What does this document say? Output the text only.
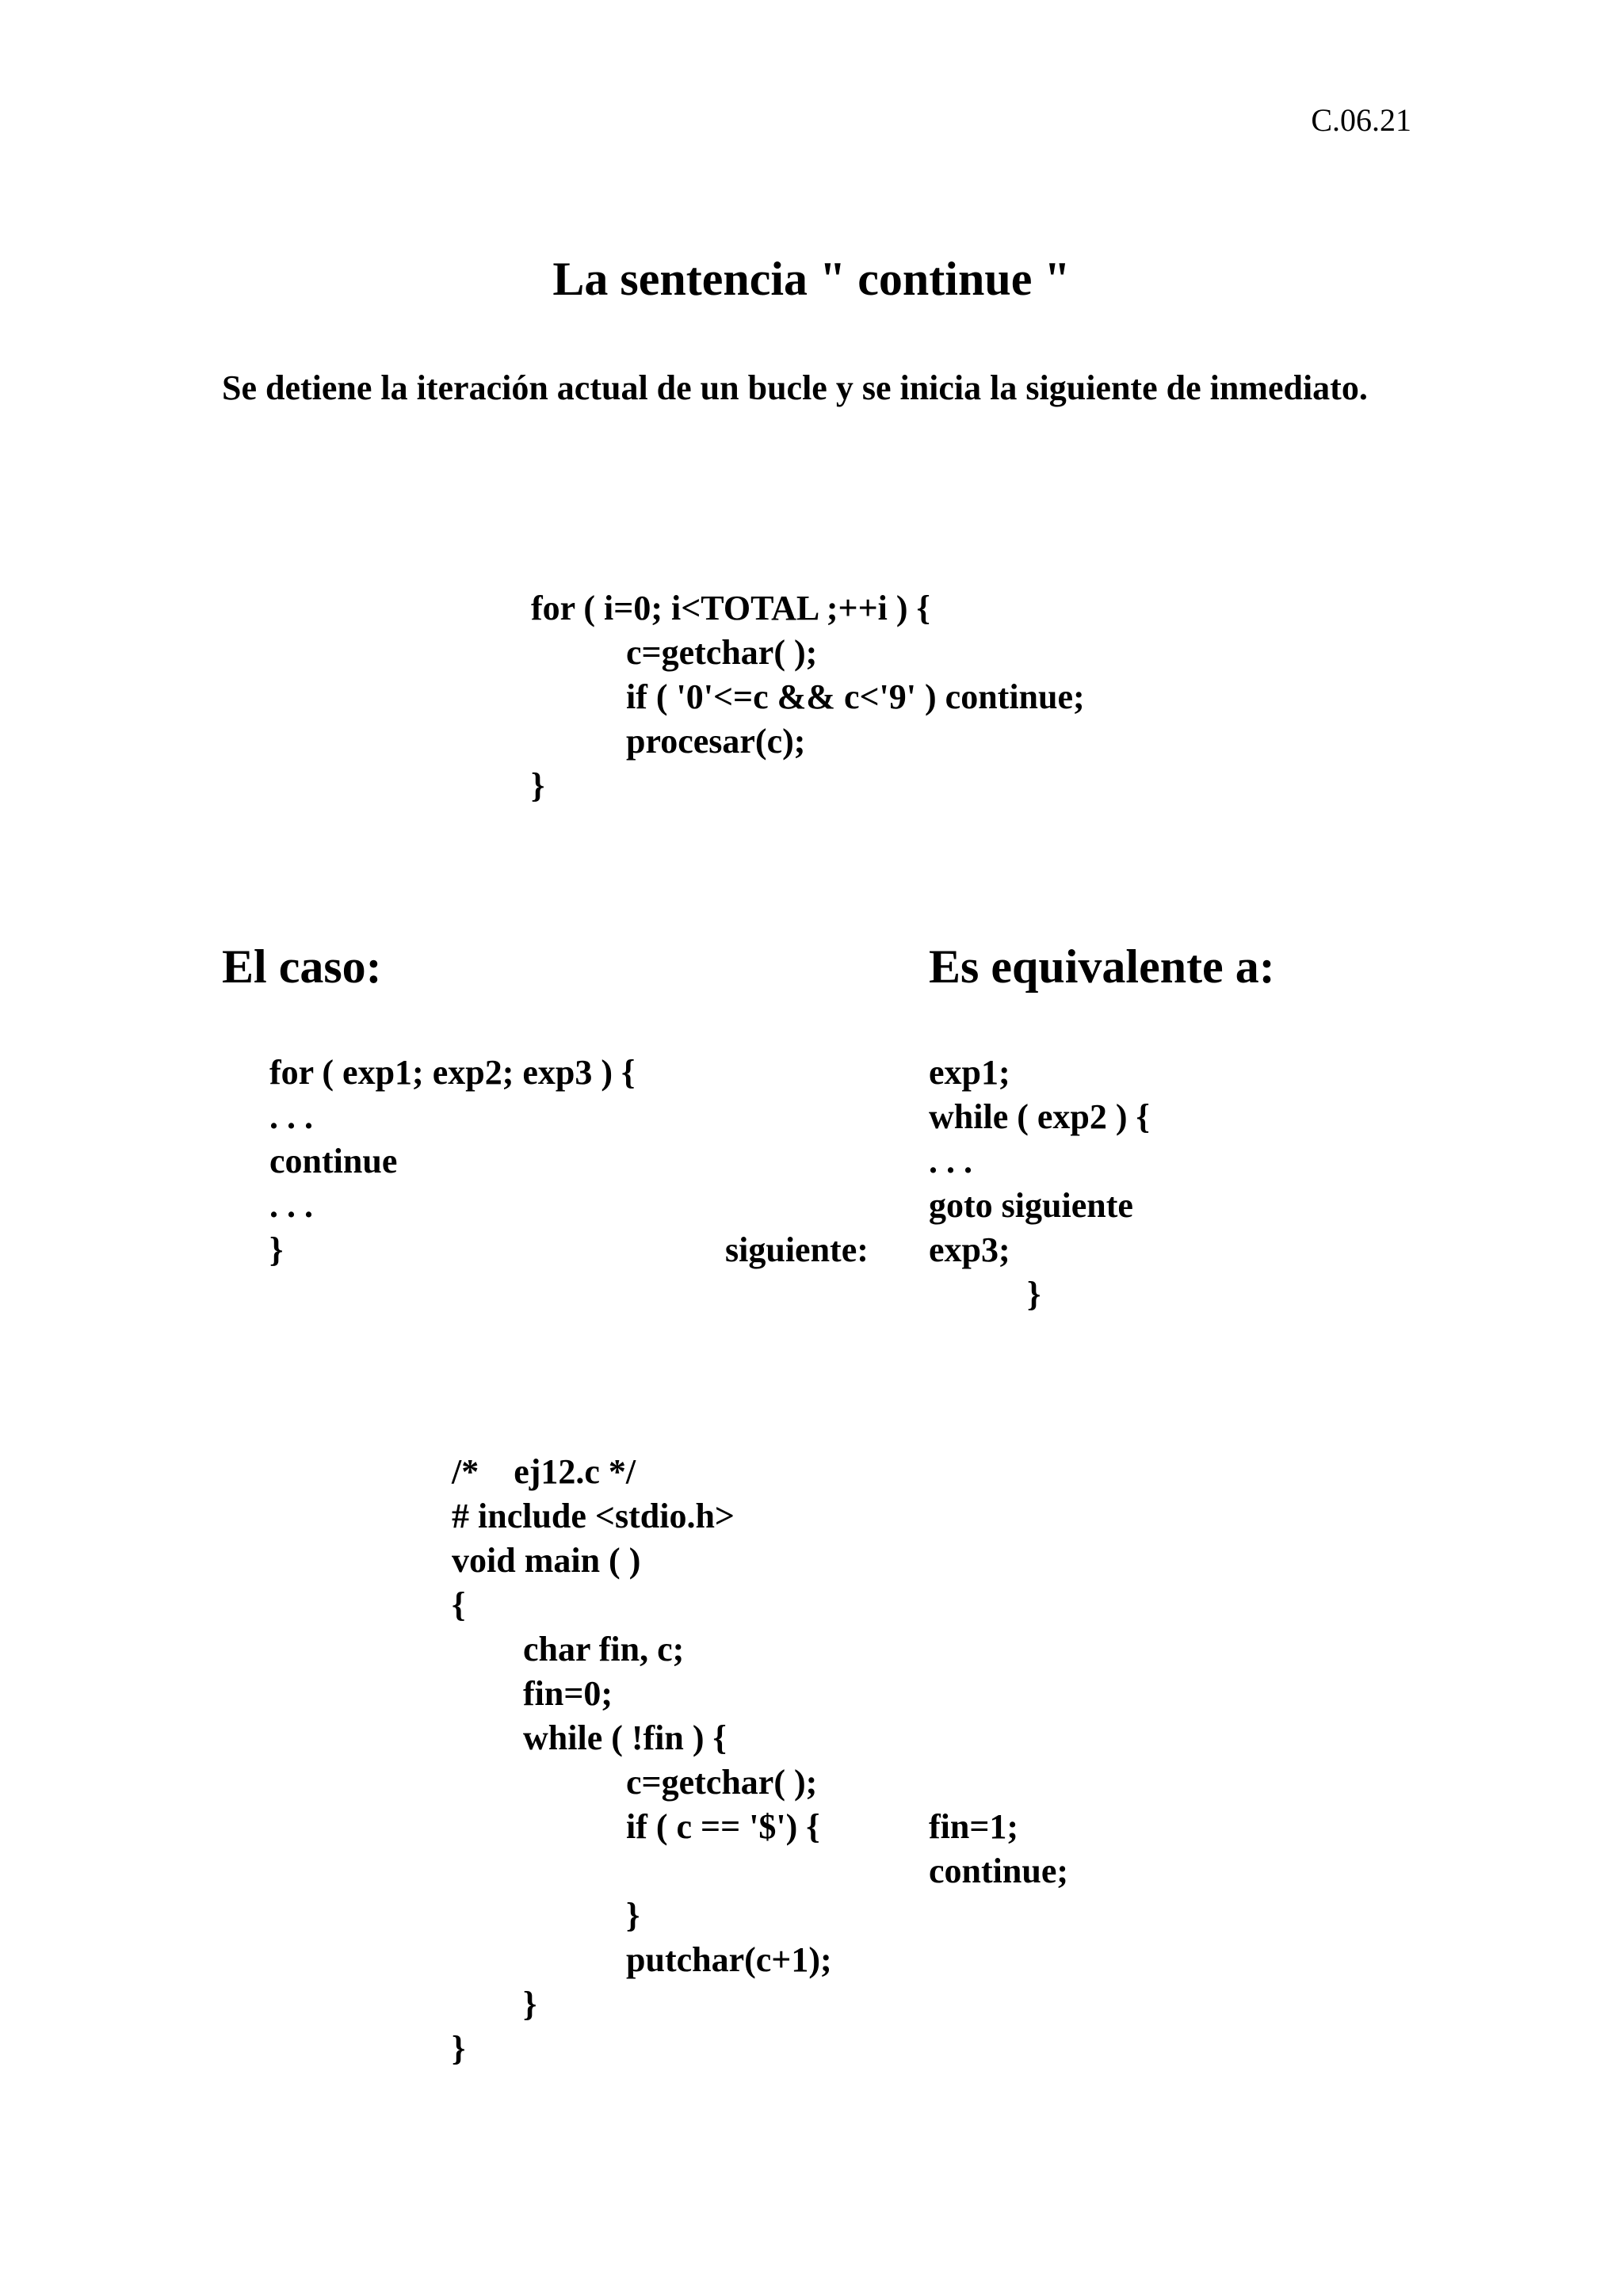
C.06.21
La sentencia " continue "
Se detiene la iteración actual de un bucle y se inicia la siguiente de inmediato.
for ( i=0; i<TOTAL ;++i ) {
c=getchar( );
if ( '0'<=c && c<'9' ) continue;
procesar(c);
}
El caso:	Es equivalente a:
for ( exp1; exp2; exp3 ) {
. . .
continue
. . .
}	siguiente:
exp1;
while ( exp2 ) {
. . .
goto siguiente
exp3;
}
/*    ej12.c */
# include <stdio.h>
void main ( )
{
char fin, c;
fin=0;
while ( !fin ) {
c=getchar( );
if ( c == '$') {	fin=1;
continue;
}
putchar(c+1);
}
}
